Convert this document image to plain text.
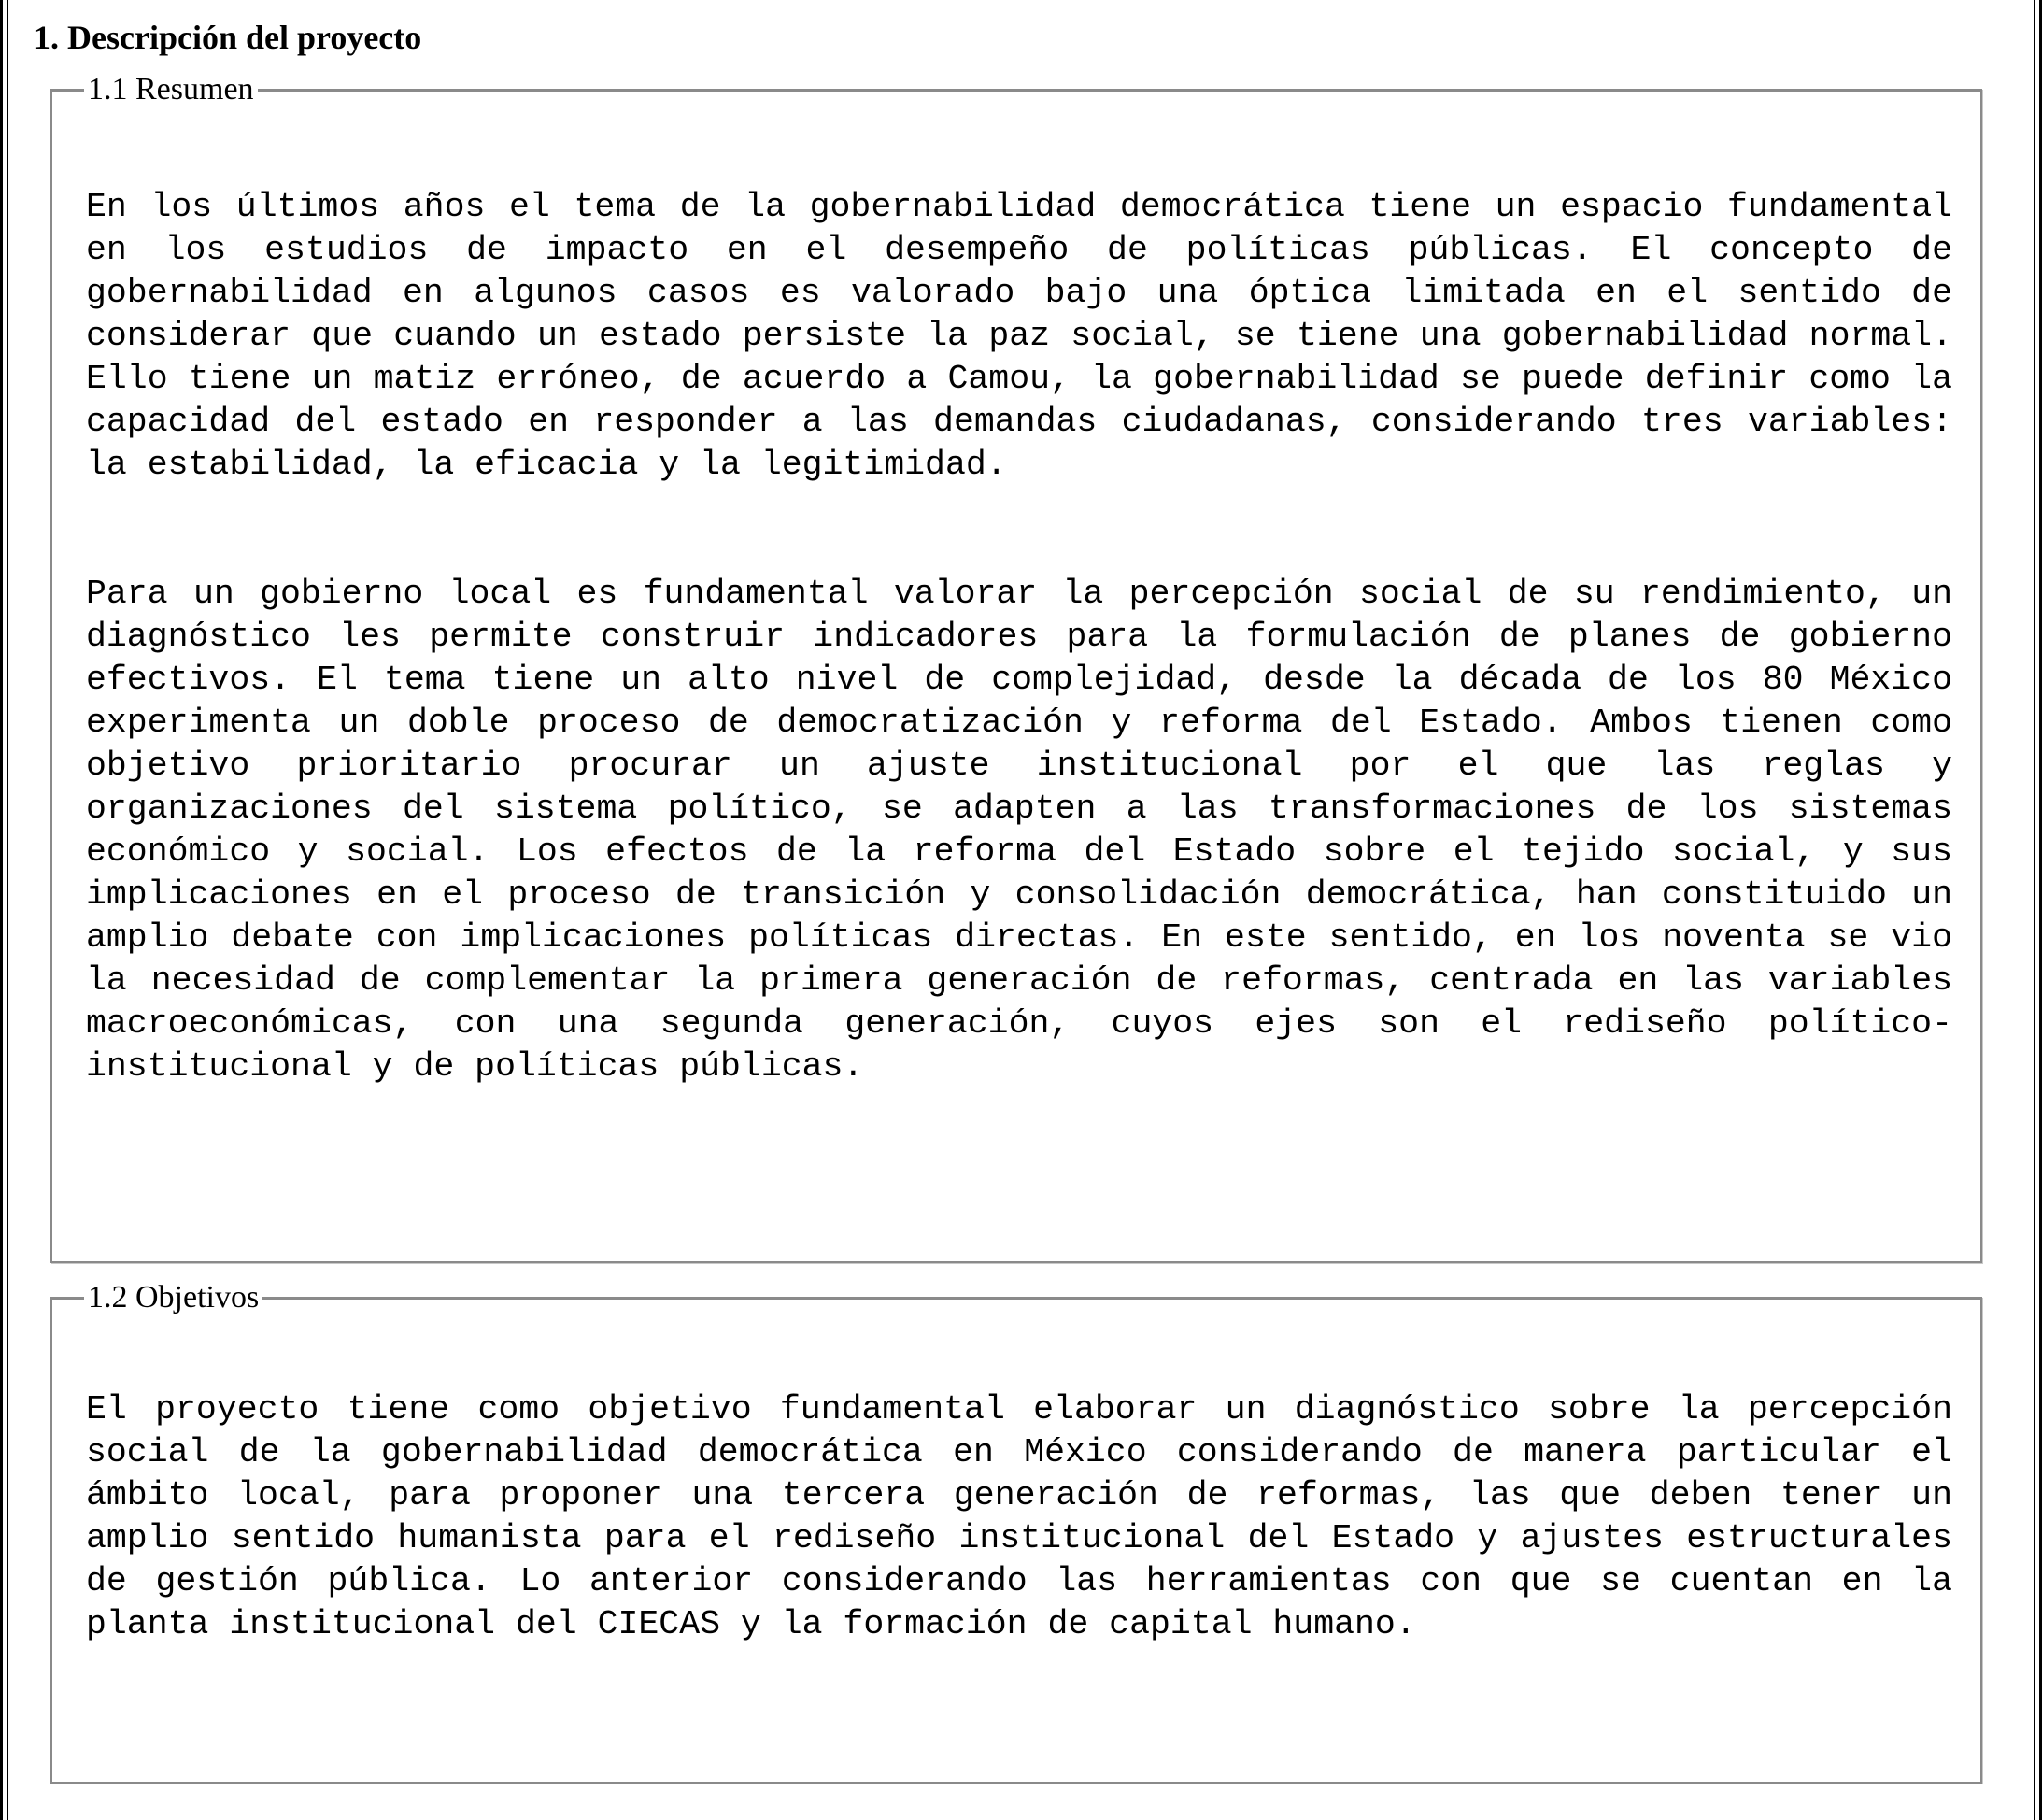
1. Descripción del proyecto
1.1 Resumen

En los últimos años el tema de la gobernabilidad democrática tiene un espacio fundamental en los estudios de impacto en el desempeño de políticas públicas. El concepto de gobernabilidad en algunos casos es valorado bajo una óptica limitada en el sentido de considerar que cuando un estado persiste la paz social, se tiene una gobernabilidad normal. Ello tiene un matiz erróneo, de acuerdo a Camou, la gobernabilidad se puede definir como la capacidad del estado en responder a las demandas ciudadanas, considerando tres variables: la estabilidad, la eficacia y la legitimidad.

Para un gobierno local es fundamental valorar la percepción social de su rendimiento, un diagnóstico les permite construir indicadores para la formulación de planes de gobierno efectivos. El tema tiene un alto nivel de complejidad, desde la década de los 80 México experimenta un doble proceso de democratización y reforma del Estado. Ambos tienen como objetivo prioritario procurar un ajuste institucional por el que las reglas y organizaciones del sistema político, se adapten a las transformaciones de los sistemas económico y social. Los efectos de la reforma del Estado sobre el tejido social, y sus implicaciones en el proceso de transición y consolidación democrática, han constituido un amplio debate con implicaciones políticas directas. En este sentido, en los noventa se vio la necesidad de complementar la primera generación de reformas, centrada en las variables macroeconómicas, con una segunda generación, cuyos ejes son el rediseño político-institucional y de políticas públicas.

1.2 Objetivos

El proyecto tiene como objetivo fundamental elaborar un diagnóstico sobre la percepción social de la gobernabilidad democrática en México considerando de manera particular el ámbito local, para proponer una tercera generación de reformas, las que deben tener un amplio sentido humanista para el rediseño institucional del Estado y ajustes estructurales de gestión pública. Lo anterior considerando las herramientas con que se cuentan en la planta institucional del CIECAS y la formación de capital humano.
